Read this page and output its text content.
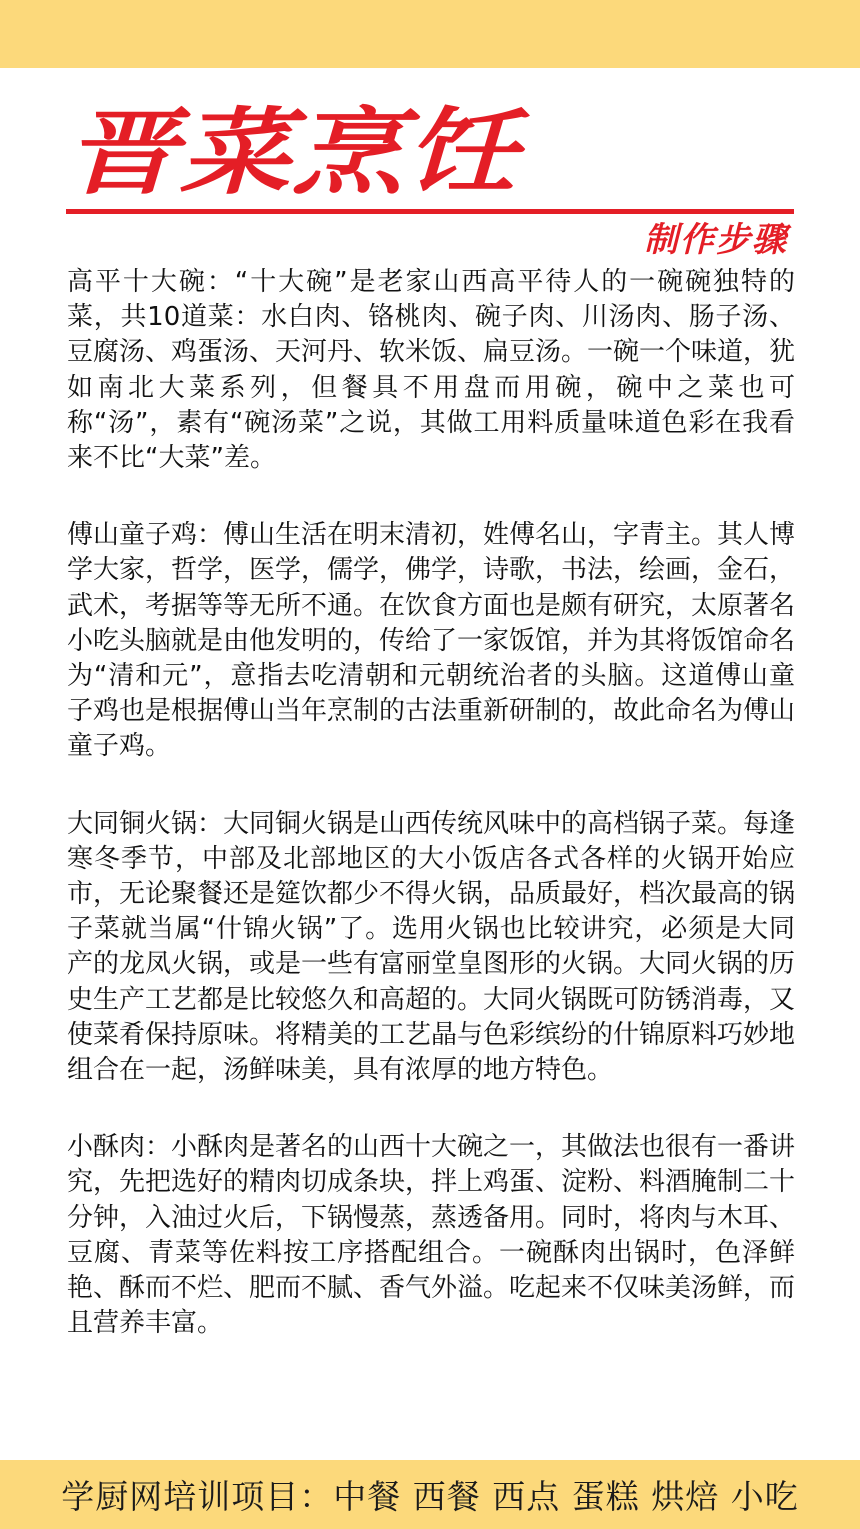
晋菜烹饪
制作步骤

高平十大碗：“十大碗”是老家山西高平待人的一碗碗独特的菜，共10道菜：水白肉、铬桃肉、碗子肉、川汤肉、肠子汤、豆腐汤、鸡蛋汤、天河丹、软米饭、扁豆汤。一碗一个味道，犹如南北大菜系列，但餐具不用盘而用碗，碗中之菜也可称“汤”，素有“碗汤菜”之说，其做工用料质量味道色彩在我看来不比“大菜”差。

傅山童子鸡：傅山生活在明末清初，姓傅名山，字青主。其人博学大家，哲学，医学，儒学，佛学，诗歌，书法，绘画，金石，武术，考据等等无所不通。在饮食方面也是颇有研究，太原著名小吃头脑就是由他发明的，传给了一家饭馆，并为其将饭馆命名为“清和元”，意指去吃清朝和元朝统治者的头脑。这道傅山童子鸡也是根据傅山当年烹制的古法重新研制的，故此命名为傅山童子鸡。

大同铜火锅：大同铜火锅是山西传统风味中的高档锅子菜。每逢寒冬季节，中部及北部地区的大小饭店各式各样的火锅开始应市，无论聚餐还是筵饮都少不得火锅，品质最好，档次最高的锅子菜就当属“什锦火锅”了。选用火锅也比较讲究，必须是大同产的龙凤火锅，或是一些有富丽堂皇图形的火锅。大同火锅的历史生产工艺都是比较悠久和高超的。大同火锅既可防锈消毒，又 使菜肴保持原味。将精美的工艺晶与色彩缤纷的什锦原料巧妙地组合在一起，汤鲜味美，具有浓厚的地方特色。

小酥肉：小酥肉是著名的山西十大碗之一，其做法也很有一番讲究，先把选好的精肉切成条块，拌上鸡蛋、淀粉、料酒腌制二十分钟，入油过火后，下锅慢蒸，蒸透备用。同时，将肉与木耳、豆腐、青菜等佐料按工序搭配组合。一碗酥肉出锅时，色泽鲜艳、酥而不烂、肥而不腻、香气外溢。吃起来不仅味美汤鲜，而且营养丰富。

学厨网培训项目：中餐 西餐 西点 蛋糕 烘焙 小吃
